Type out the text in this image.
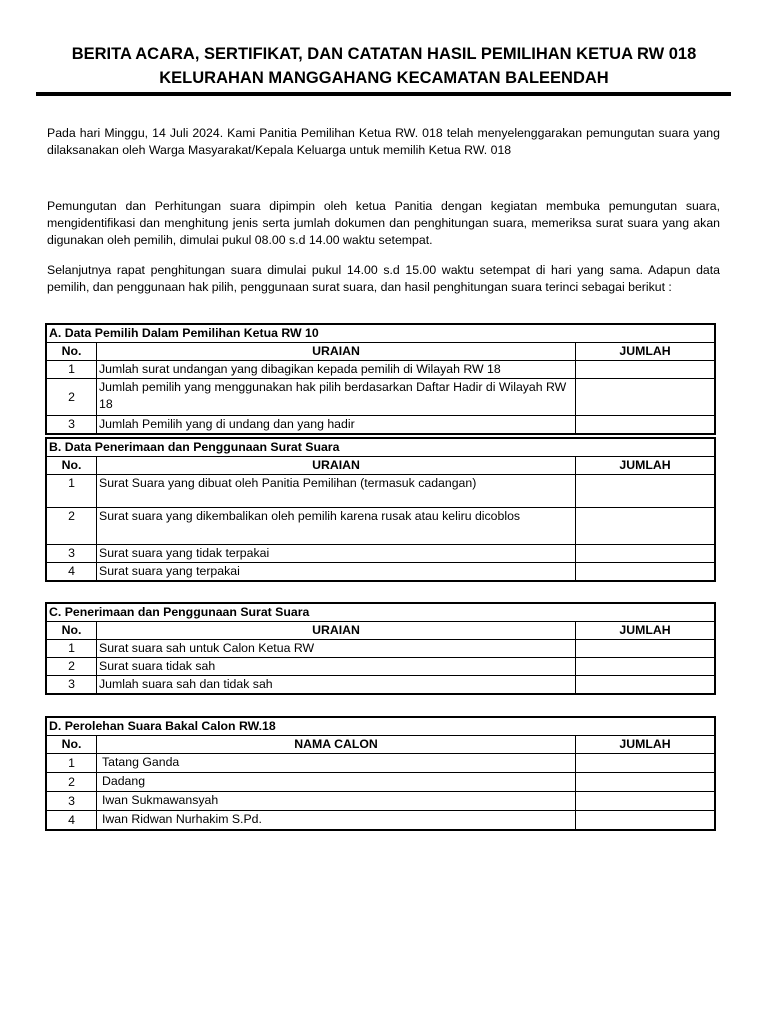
BERITA ACARA, SERTIFIKAT, DAN CATATAN HASIL PEMILIHAN KETUA RW 018
KELURAHAN MANGGAHANG KECAMATAN BALEENDAH
Pada hari Minggu, 14 Juli 2024. Kami Panitia Pemilihan Ketua RW. 018 telah menyelenggarakan pemungutan suara yang dilaksanakan oleh Warga Masyarakat/Kepala Keluarga untuk memilih Ketua RW. 018
Pemungutan dan Perhitungan suara dipimpin oleh ketua Panitia dengan kegiatan membuka pemungutan suara, mengidentifikasi dan menghitung jenis serta jumlah dokumen dan penghitungan suara, memeriksa surat suara yang akan digunakan oleh pemilih, dimulai pukul 08.00 s.d 14.00 waktu setempat.
Selanjutnya rapat penghitungan suara dimulai pukul 14.00 s.d 15.00 waktu setempat di hari yang sama. Adapun data pemilih, dan penggunaan hak pilih, penggunaan surat suara, dan hasil penghitungan suara terinci sebagai berikut :
A. Data Pemilih Dalam Pemilihan Ketua RW 10		
No.	URAIAN	JUMLAH
1	Jumlah surat undangan yang dibagikan kepada pemilih di Wilayah RW 18	
2	Jumlah pemilih yang menggunakan hak pilih berdasarkan Daftar Hadir di Wilayah RW 18	
3	Jumlah Pemilih yang di undang dan yang hadir	
B. Data Penerimaan dan Penggunaan Surat Suara		
No.	URAIAN	JUMLAH
1	Surat Suara yang dibuat oleh Panitia Pemilihan (termasuk cadangan)	
2	Surat suara yang dikembalikan oleh pemilih karena rusak atau keliru dicoblos	
3	Surat suara yang tidak terpakai	
4	Surat suara yang terpakai	
C. Penerimaan dan Penggunaan Surat Suara		
No.	URAIAN	JUMLAH
1	Surat suara sah untuk Calon Ketua RW	
2	Surat suara tidak sah	
3	Jumlah suara sah dan tidak sah	
D. Perolehan Suara Bakal Calon RW.18		
No.	NAMA CALON	JUMLAH
1	Tatang Ganda	
2	Dadang	
3	Iwan Sukmawansyah	
4	Iwan Ridwan Nurhakim S.Pd.	
